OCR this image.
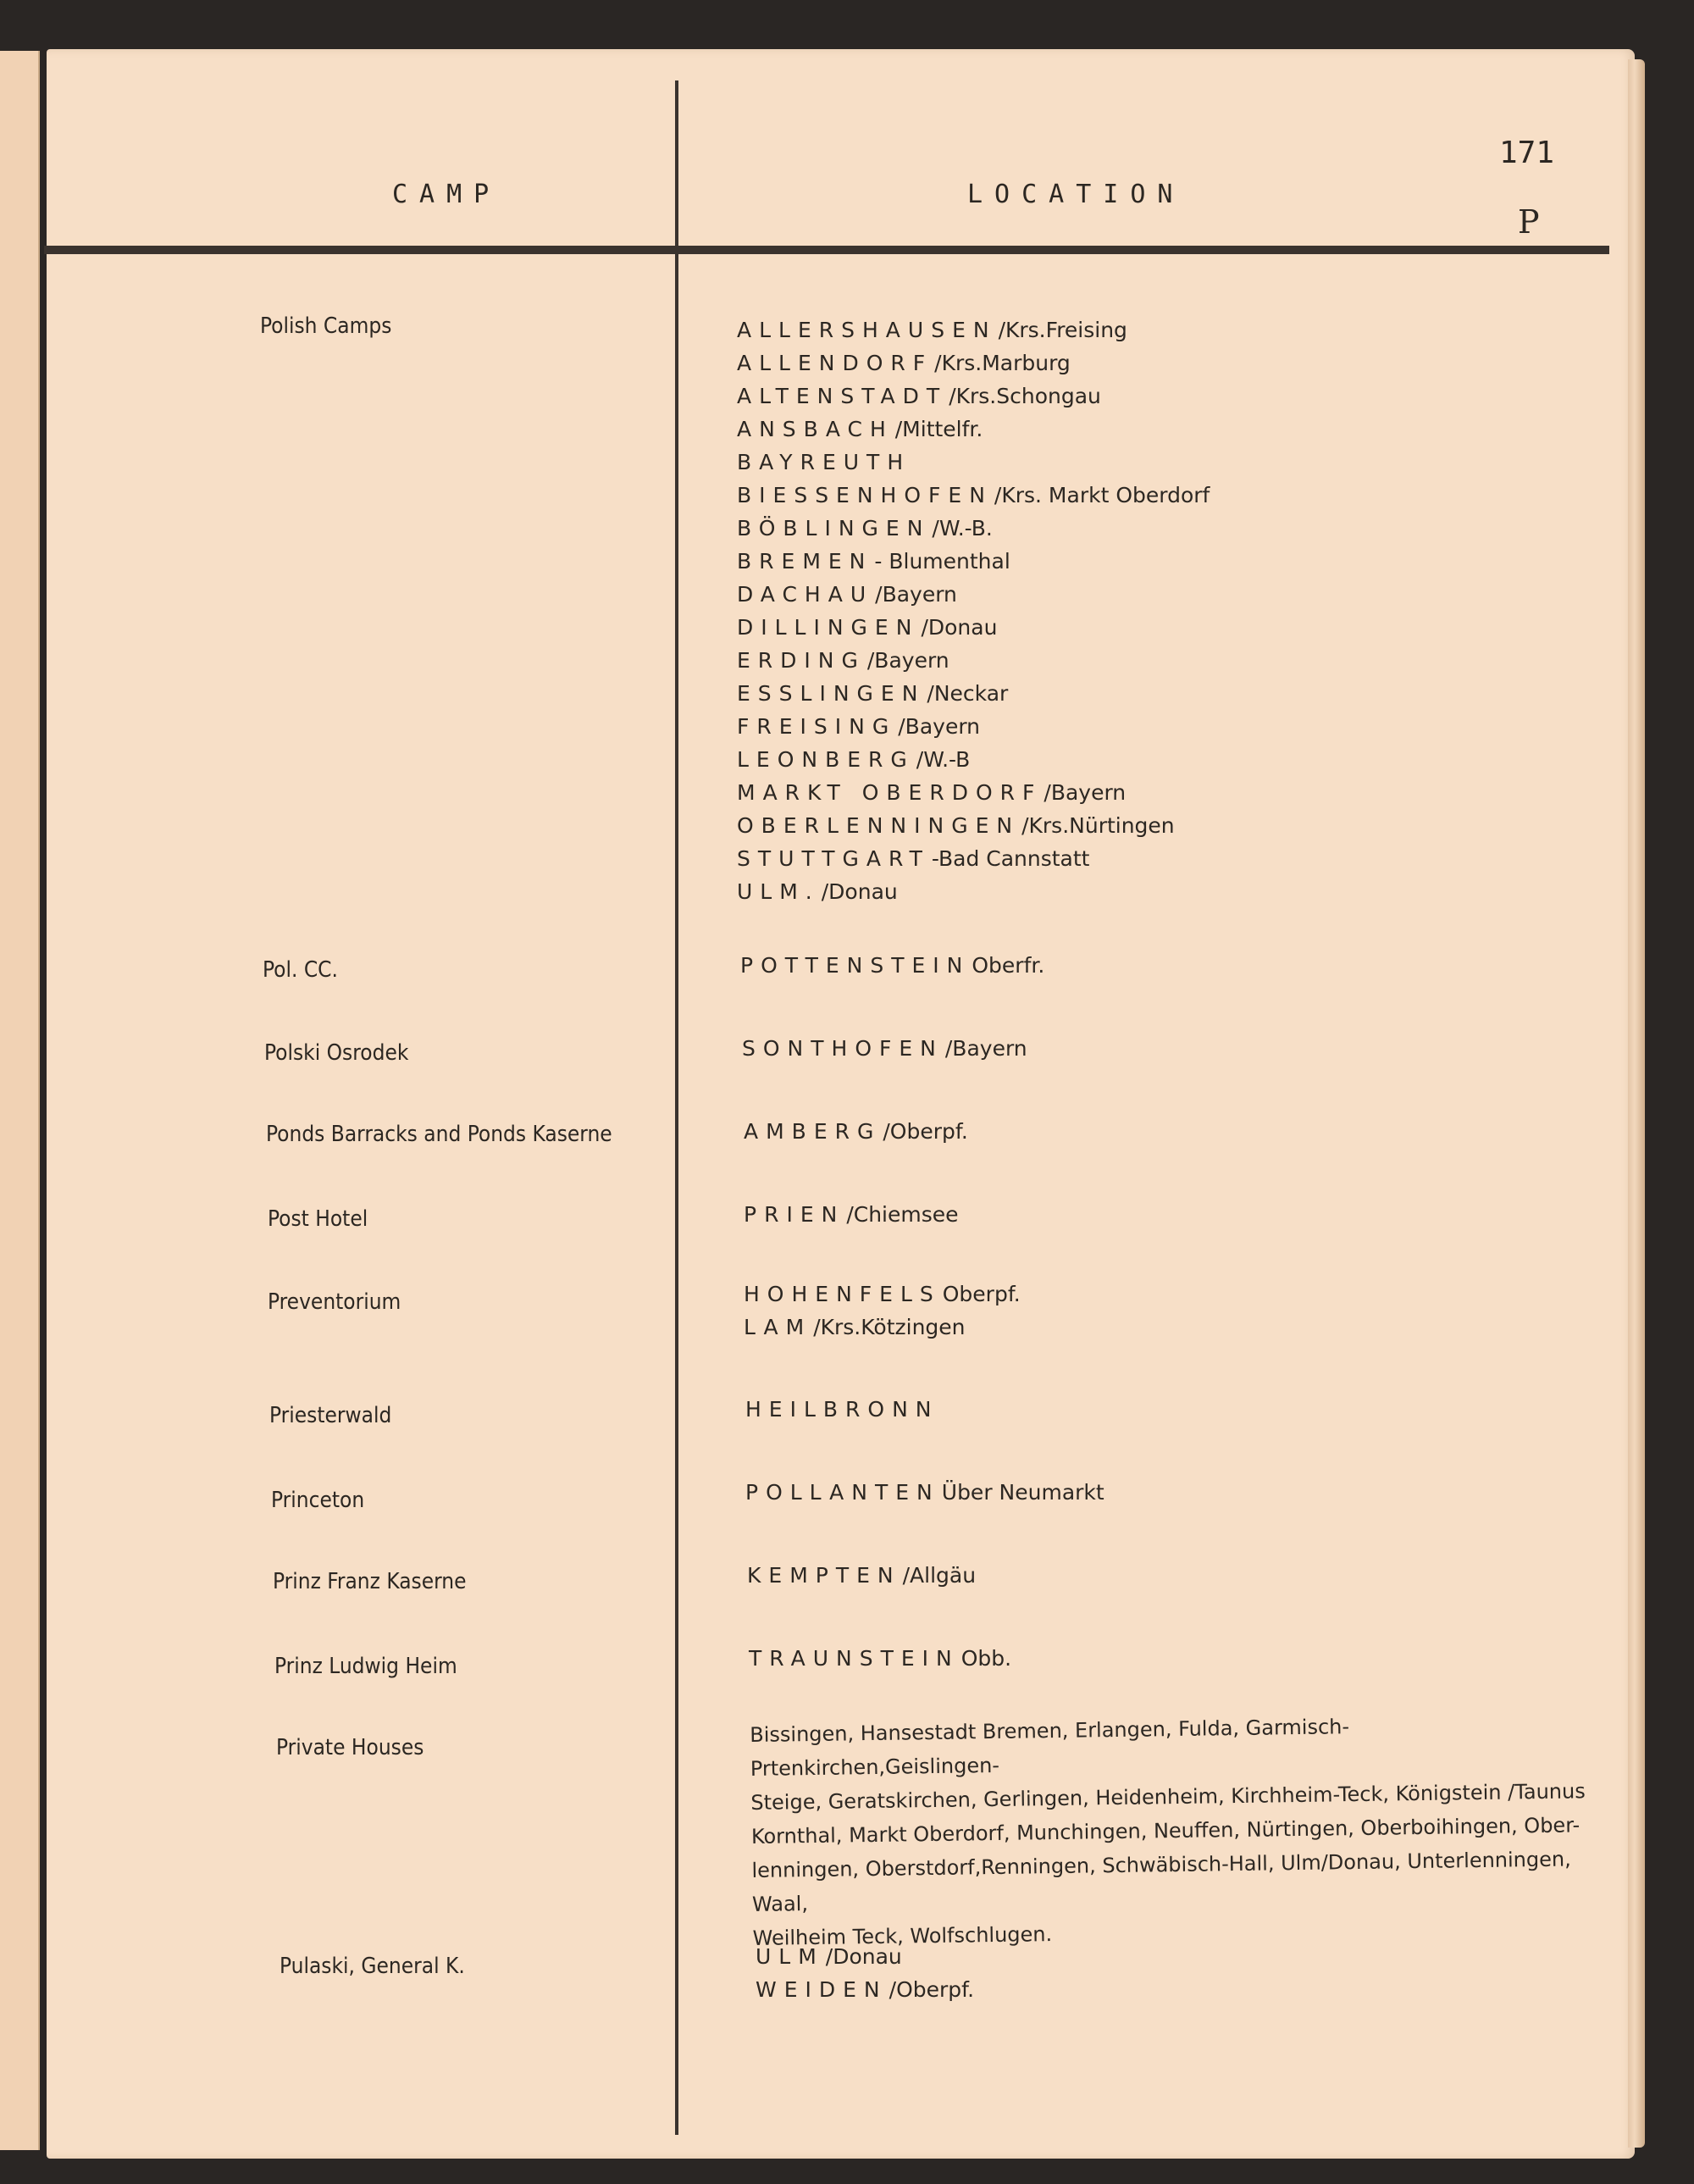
CAMP	LOCATION
171
P
Polish Camps
Pol. CC.
Polski Osrodek
Ponds Barracks and Ponds Kaserne
Post Hotel
Preventorium
Priesterwald
Princeton
Prinz Franz Kaserne
Prinz Ludwig Heim
Private Houses
Pulaski, General K.
ALLERSHAUSEN/Krs.Freising
ALLENDORF/Krs.Marburg
ALTENSTADT/Krs.Schongau
ANSBACH/Mittelfr.
BAYREUTH
BIESSENHOFEN/Krs. Markt Oberdorf
BÖBLINGEN/W.-B.
BREMEN- Blumenthal
DACHAU/Bayern
DILLINGEN/Donau
ERDING/Bayern
ESSLINGEN/Neckar
FREISING/Bayern
LEONBERG/W.-B
MARKT OBERDORF/Bayern
OBERLENNINGEN/Krs.Nürtingen
STUTTGART-Bad Cannstatt
ULM./Donau
POTTENSTEINOberfr.
SONTHOFEN/Bayern
AMBERG/Oberpf.
PRIEN/Chiemsee
HOHENFELSOberpf.
LAM/Krs.Kötzingen
HEILBRONN
POLLANTENÜber Neumarkt
KEMPTEN/Allgäu
TRAUNSTEINObb.
Bissingen, Hansestadt Bremen, Erlangen, Fulda, Garmisch-Prtenkirchen,Geislingen-
Steige, Geratskirchen, Gerlingen, Heidenheim, Kirchheim-Teck, Königstein /Taunus
Kornthal, Markt Oberdorf, Munchingen, Neuffen, Nürtingen, Oberboihingen, Ober-
lenningen, Oberstdorf,Renningen, Schwäbisch-Hall, Ulm/Donau, Unterlenningen, Waal,
Weilheim Teck, Wolfschlugen.
ULM/Donau
WEIDEN/Oberpf.
